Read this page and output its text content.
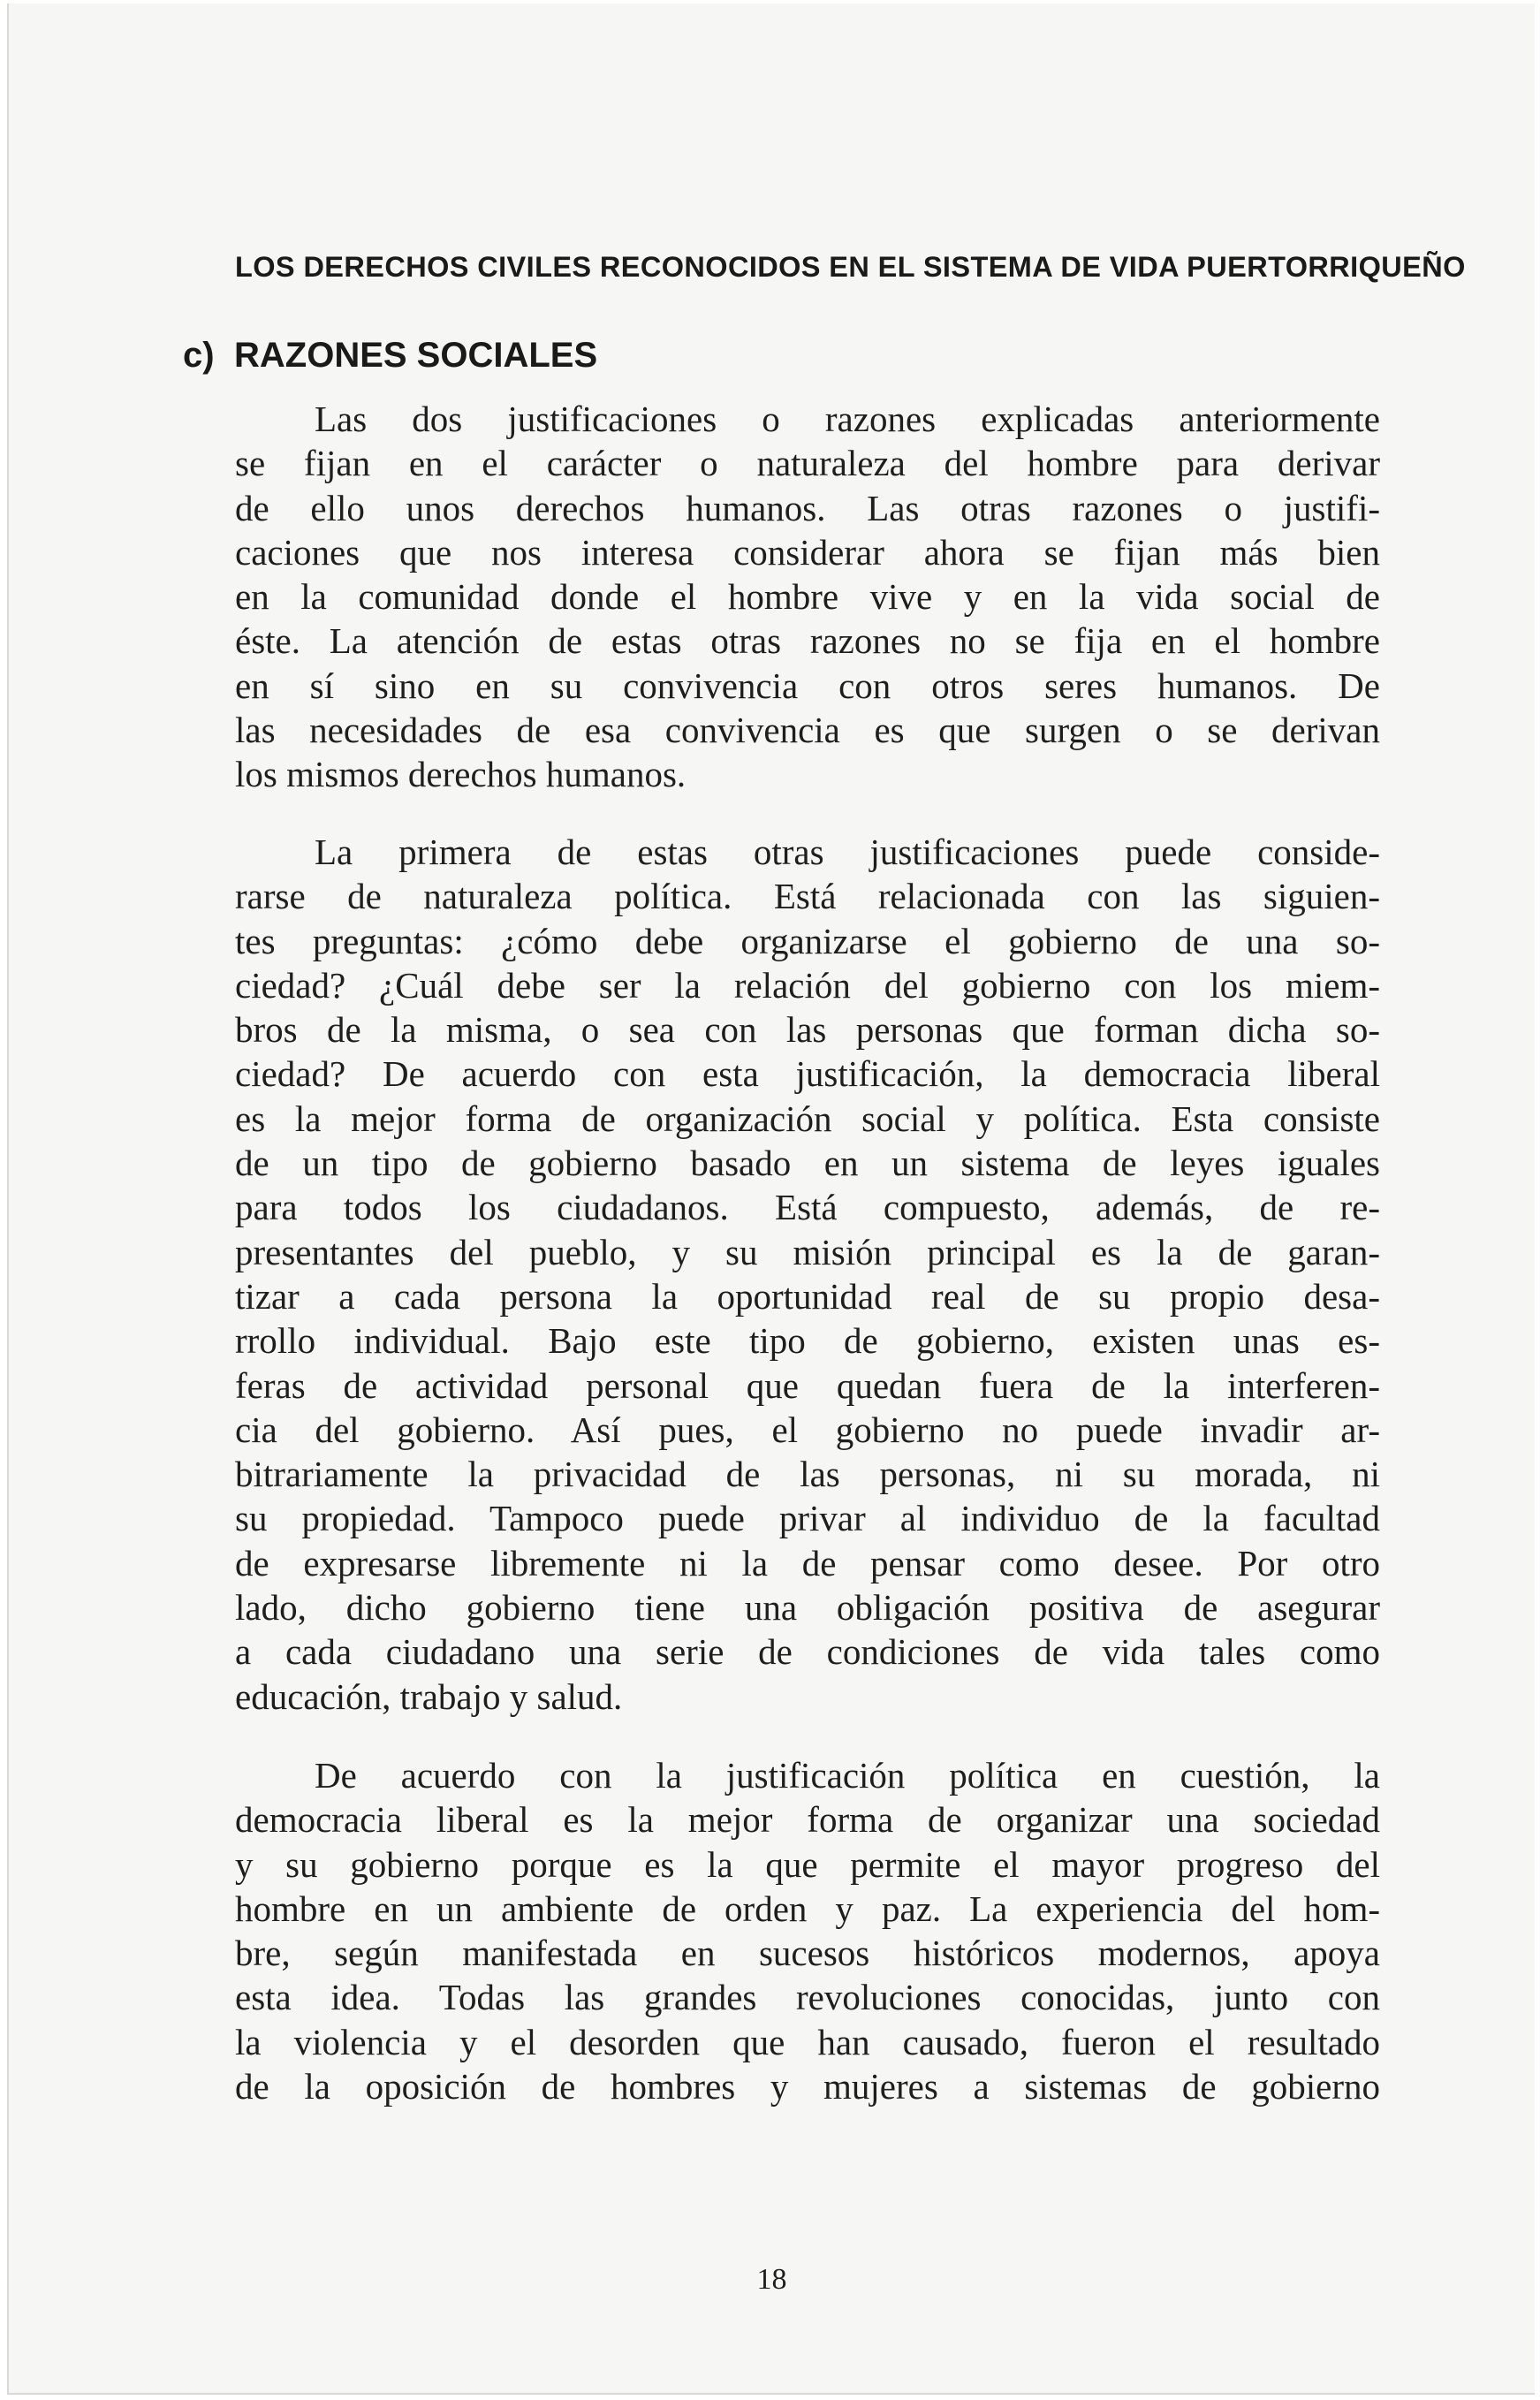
LOS DERECHOS CIVILES RECONOCIDOS EN EL SISTEMA DE VIDA PUERTORRIQUEÑO
c) RAZONES SOCIALES
Las dos justificaciones o razones explicadas anteriormente
se fijan en el carácter o naturaleza del hombre para derivar
de ello unos derechos humanos. Las otras razones o justifi-
caciones que nos interesa considerar ahora se fijan más bien
en la comunidad donde el hombre vive y en la vida social de
éste. La atención de estas otras razones no se fija en el hombre
en sí sino en su convivencia con otros seres humanos. De
las necesidades de esa convivencia es que surgen o se derivan
los mismos derechos humanos.
La primera de estas otras justificaciones puede conside-
rarse de naturaleza política. Está relacionada con las siguien-
tes preguntas: ¿cómo debe organizarse el gobierno de una so-
ciedad? ¿Cuál debe ser la relación del gobierno con los miem-
bros de la misma, o sea con las personas que forman dicha so-
ciedad? De acuerdo con esta justificación, la democracia liberal
es la mejor forma de organización social y política. Esta consiste
de un tipo de gobierno basado en un sistema de leyes iguales
para todos los ciudadanos. Está compuesto, además, de re-
presentantes del pueblo, y su misión principal es la de garan-
tizar a cada persona la oportunidad real de su propio desa-
rrollo individual. Bajo este tipo de gobierno, existen unas es-
feras de actividad personal que quedan fuera de la interferen-
cia del gobierno. Así pues, el gobierno no puede invadir ar-
bitrariamente la privacidad de las personas, ni su morada, ni
su propiedad. Tampoco puede privar al individuo de la facultad
de expresarse libremente ni la de pensar como desee. Por otro
lado, dicho gobierno tiene una obligación positiva de asegurar
a cada ciudadano una serie de condiciones de vida tales como
educación, trabajo y salud.
De acuerdo con la justificación política en cuestión, la
democracia liberal es la mejor forma de organizar una sociedad
y su gobierno porque es la que permite el mayor progreso del
hombre en un ambiente de orden y paz. La experiencia del hom-
bre, según manifestada en sucesos históricos modernos, apoya
esta idea. Todas las grandes revoluciones conocidas, junto con
la violencia y el desorden que han causado, fueron el resultado
de la oposición de hombres y mujeres a sistemas de gobierno
18
